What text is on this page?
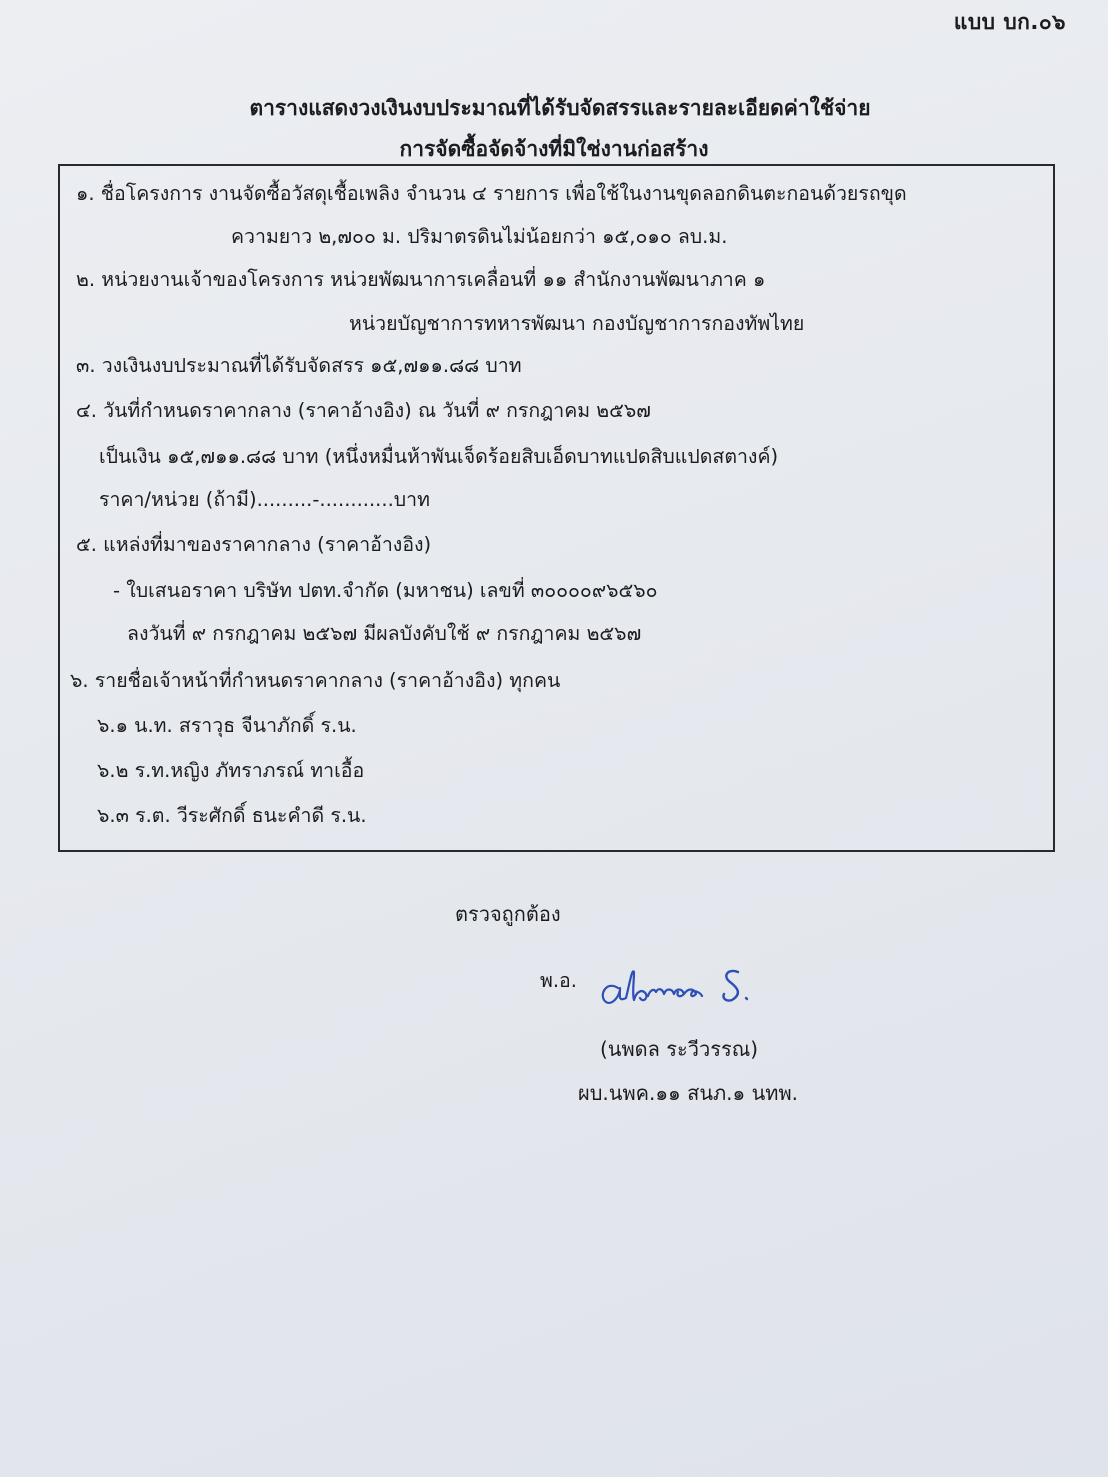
แบบ บก.๐๖
ตารางแสดงวงเงินงบประมาณที่ได้รับจัดสรรและรายละเอียดค่าใช้จ่าย
การจัดซื้อจัดจ้างที่มิใช่งานก่อสร้าง
๑. ชื่อโครงการ งานจัดซื้อวัสดุเชื้อเพลิง จำนวน ๔ รายการ เพื่อใช้ในงานขุดลอกดินตะกอนด้วยรถขุด
ความยาว ๒,๗๐๐ ม. ปริมาตรดินไม่น้อยกว่า ๑๕,๐๑๐ ลบ.ม.
๒. หน่วยงานเจ้าของโครงการ หน่วยพัฒนาการเคลื่อนที่ ๑๑ สำนักงานพัฒนาภาค ๑
หน่วยบัญชาการทหารพัฒนา กองบัญชาการกองทัพไทย
๓. วงเงินงบประมาณที่ได้รับจัดสรร ๑๕,๗๑๑.๘๘ บาท
๔. วันที่กำหนดราคากลาง (ราคาอ้างอิง) ณ วันที่ ๙ กรกฎาคม ๒๕๖๗
เป็นเงิน ๑๕,๗๑๑.๘๘ บาท (หนึ่งหมื่นห้าพันเจ็ดร้อยสิบเอ็ดบาทแปดสิบแปดสตางค์)
ราคา/หน่วย (ถ้ามี).........-............บาท
๕. แหล่งที่มาของราคากลาง (ราคาอ้างอิง)
- ใบเสนอราคา บริษัท ปตท.จำกัด (มหาชน) เลขที่ ๓๐๐๐๐๙๖๕๖๐
ลงวันที่ ๙ กรกฎาคม ๒๕๖๗ มีผลบังคับใช้ ๙ กรกฎาคม ๒๕๖๗
๖. รายชื่อเจ้าหน้าที่กำหนดราคากลาง (ราคาอ้างอิง) ทุกคน
๖.๑ น.ท. สราวุธ จีนาภักดิ์ ร.น.
๖.๒ ร.ท.หญิง ภัทราภรณ์ ทาเอื้อ
๖.๓ ร.ต. วีระศักดิ์ ธนะคำดี ร.น.
ตรวจถูกต้อง
พ.อ.
(นพดล ระวีวรรณ)
ผบ.นพค.๑๑ สนภ.๑ นทพ.
